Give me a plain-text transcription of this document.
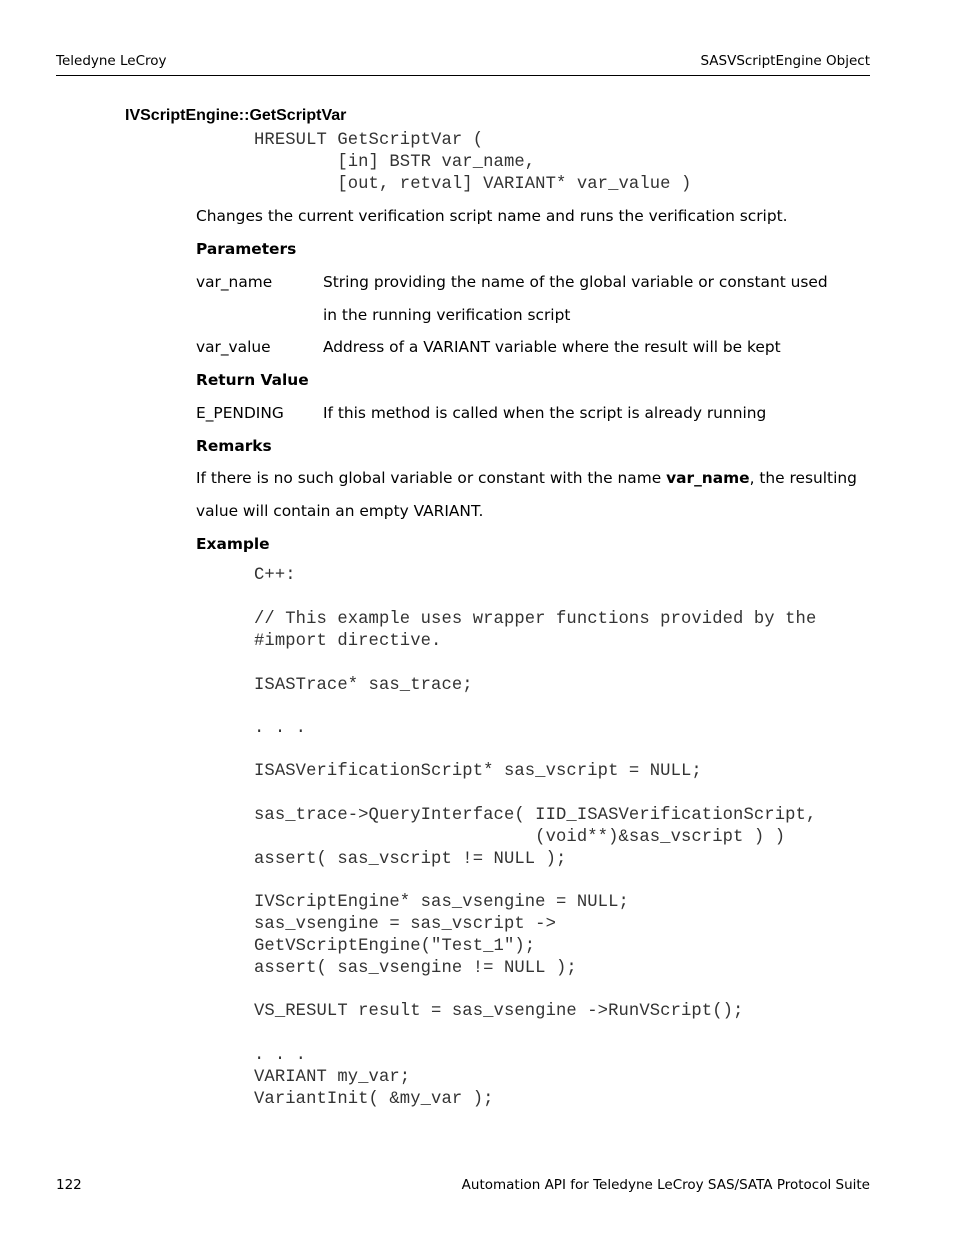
Teledyne LeCroy	SASVScriptEngine Object
IVScriptEngine::GetScriptVar

HRESULT GetScriptVar (

[in] BSTR var_name,

[out, retval] VARIANT* var_value )

Changes the current verification script name and runs the verification script.
Parameters
var_name	String providing the name of the global variable or constant used
in the running verification script
var_value	Address of a VARIANT variable where the result will be kept
Return Value
E_PENDING	If this method is called when the script is already running
Remarks
If there is no such global variable or constant with the name var_name, the resulting
value will contain an empty VARIANT.
Example

C++:

// This example uses wrapper functions provided by the

#import directive.

ISASTrace* sas_trace;

. . .

ISASVerificationScript* sas_vscript = NULL;

sas_trace->QueryInterface( IID_ISASVerificationScript,

(void**)&sas_vscript ) )

assert( sas_vscript != NULL );

IVScriptEngine* sas_vsengine = NULL;

sas_vsengine = sas_vscript ->

GetVScriptEngine("Test_1");

assert( sas_vsengine != NULL );

VS_RESULT result = sas_vsengine ->RunVScript();

. . .

VARIANT my_var;

VariantInit( &my_var );

122	Automation API for Teledyne LeCroy SAS/SATA Protocol Suite
